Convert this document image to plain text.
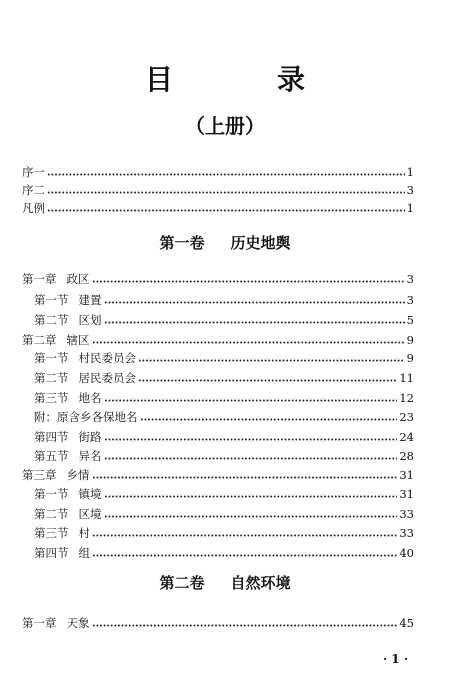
目　录
（上册）
序一	1
序二	3
凡例	1
第一卷 历史地舆
第一章 政区	3
第一节 建置	3
第二节 区划	5
第二章 辖区	9
第一节 村民委员会	9
第二节 居民委员会	11
第三节 地名	12
附：原含乡各保地名	23
第四节 街路	24
第五节 异名	28
第三章 乡情	31
第一节 镇境	31
第二节 区境	33
第三节 村	33
第四节 组	40
第二卷 自然环境
第一章 天象	45
· 1 ·
